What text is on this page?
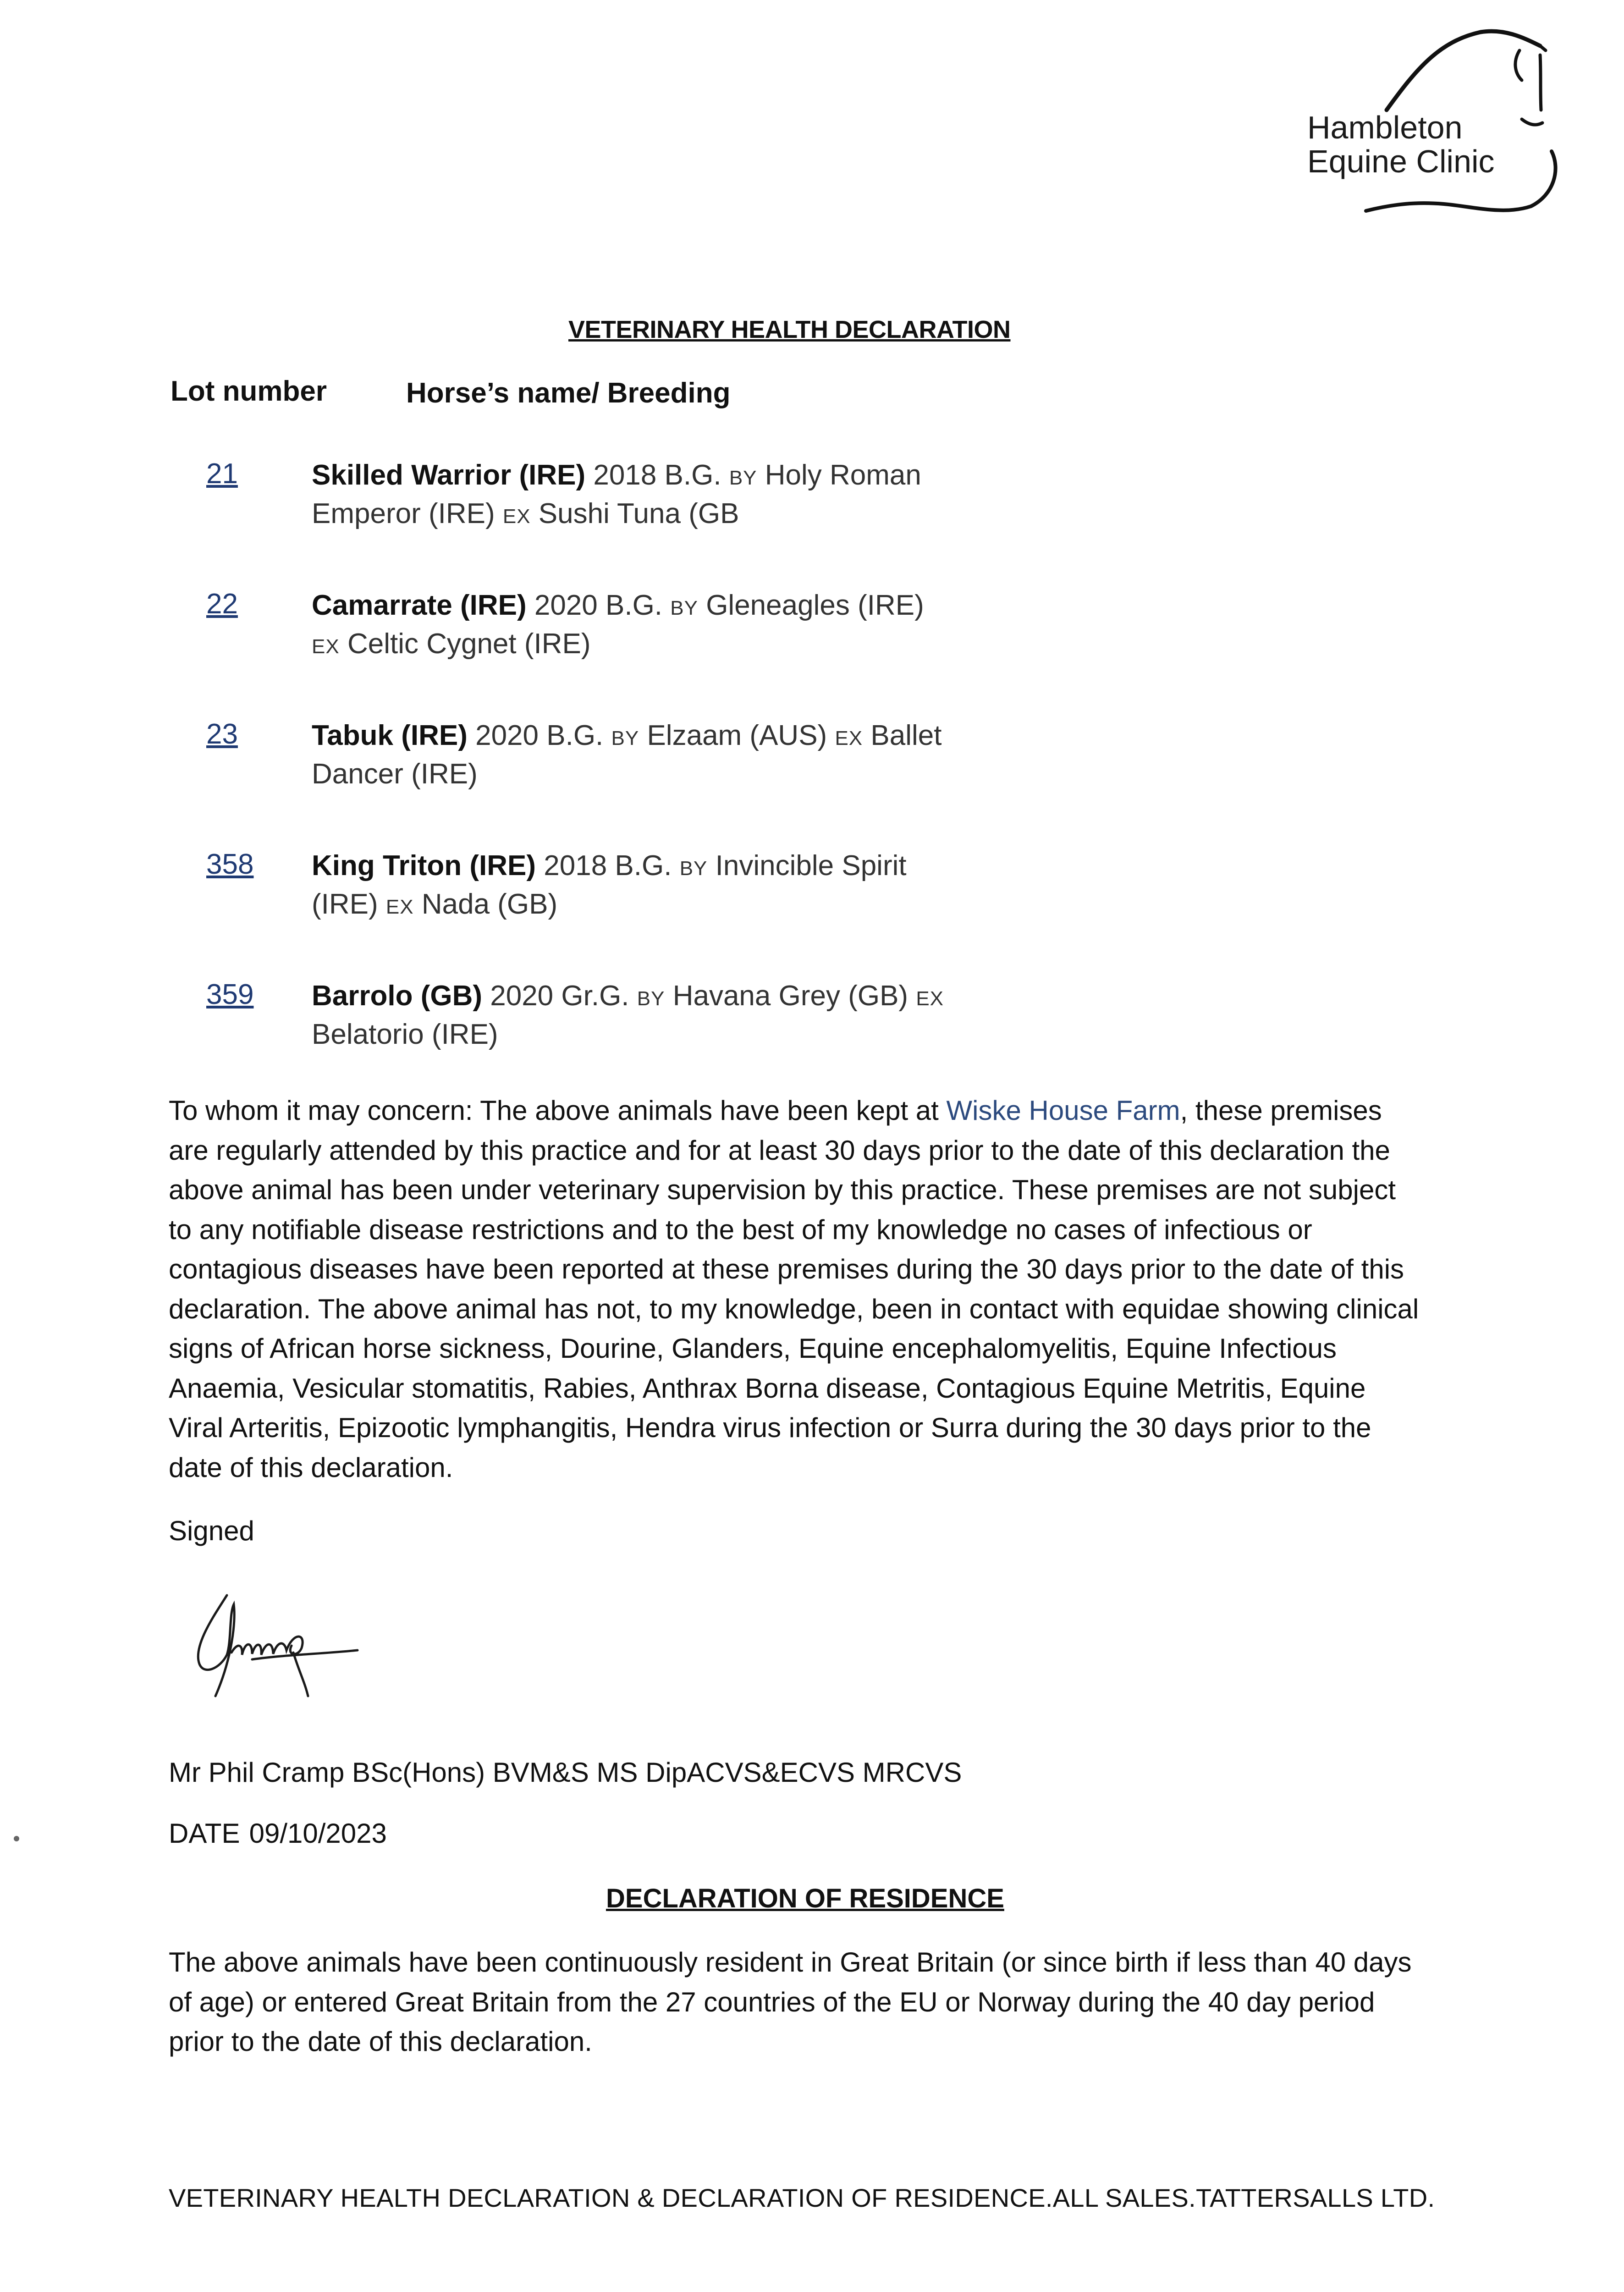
Hambleton
Equine Clinic
VETERINARY HEALTH DECLARATION
Lot number	Horse’s name/ Breeding
21	Skilled Warrior (IRE) 2018 B.G. BY Holy Roman Emperor (IRE) EX Sushi Tuna (GB
22	Camarrate (IRE) 2020 B.G. BY Gleneagles (IRE) EX Celtic Cygnet (IRE)
23	Tabuk (IRE) 2020 B.G. BY Elzaam (AUS) EX Ballet Dancer (IRE)
358 King Triton (IRE) 2018 B.G. BY Invincible Spirit (IRE) EX Nada (GB)
359 Barrolo (GB) 2020 Gr.G. BY Havana Grey (GB) EX Belatorio (IRE)
To whom it may concern: The above animals have been kept at Wiske House Farm, these premises are regularly attended by this practice and for at least 30 days prior to the date of this declaration the above animal has been under veterinary supervision by this practice. These premises are not subject to any notifiable disease restrictions and to the best of my knowledge no cases of infectious or contagious diseases have been reported at these premises during the 30 days prior to the date of this declaration. The above animal has not, to my knowledge, been in contact with equidae showing clinical signs of African horse sickness, Dourine, Glanders, Equine encephalomyelitis, Equine Infectious Anaemia, Vesicular stomatitis, Rabies, Anthrax Borna disease, Contagious Equine Metritis, Equine Viral Arteritis, Epizootic lymphangitis, Hendra virus infection or Surra during the 30 days prior to the date of this declaration.
Signed
Mr Phil Cramp BSc(Hons) BVM&S MS DipACVS&ECVS MRCVS
DATE 09/10/2023
DECLARATION OF RESIDENCE
The above animals have been continuously resident in Great Britain (or since birth if less than 40 days of age) or entered Great Britain from the 27 countries of the EU or Norway during the 40 day period prior to the date of this declaration.
VETERINARY HEALTH DECLARATION & DECLARATION OF RESIDENCE.ALL SALES.TATTERSALLS LTD.
